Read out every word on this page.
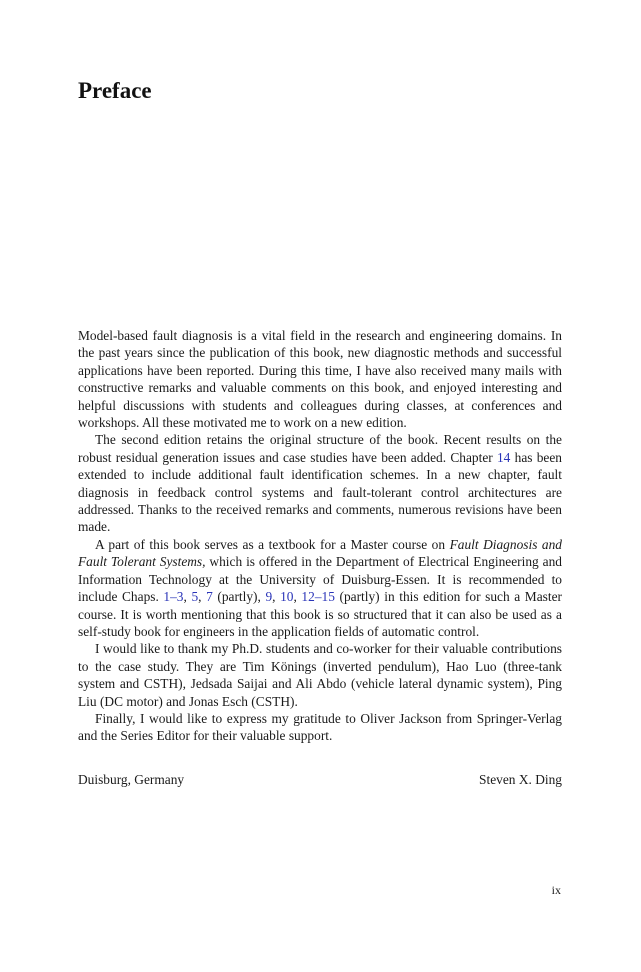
Preface

Model-based fault diagnosis is a vital field in the research and engineering domains. In the past years since the publication of this book, new diagnostic methods and successful applications have been reported. During this time, I have also received many mails with constructive remarks and valuable comments on this book, and enjoyed interesting and helpful discussions with students and colleagues during classes, at conferences and workshops. All these motivated me to work on a new edition.

The second edition retains the original structure of the book. Recent results on the robust residual generation issues and case studies have been added. Chapter 14 has been extended to include additional fault identification schemes. In a new chapter, fault diagnosis in feedback control systems and fault-tolerant control architectures are addressed. Thanks to the received remarks and comments, numerous revisions have been made.

A part of this book serves as a textbook for a Master course on Fault Diagnosis and Fault Tolerant Systems, which is offered in the Department of Electrical Engineering and Information Technology at the University of Duisburg-Essen. It is recommended to include Chaps. 1–3, 5, 7 (partly), 9, 10, 12–15 (partly) in this edition for such a Master course. It is worth mentioning that this book is so structured that it can also be used as a self-study book for engineers in the application fields of automatic control.

I would like to thank my Ph.D. students and co-worker for their valuable contributions to the case study. They are Tim Könings (inverted pendulum), Hao Luo (three-tank system and CSTH), Jedsada Saijai and Ali Abdo (vehicle lateral dynamic system), Ping Liu (DC motor) and Jonas Esch (CSTH).

Finally, I would like to express my gratitude to Oliver Jackson from Springer-Verlag and the Series Editor for their valuable support.

Duisburg, Germany	Steven X. Ding
ix
